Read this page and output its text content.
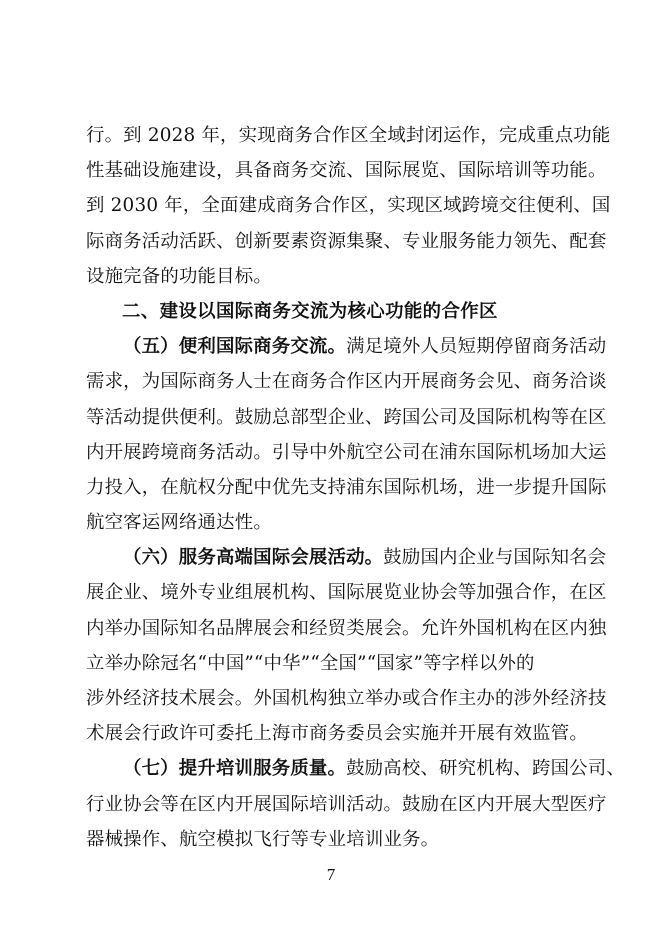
行。到 2028 年，实现商务合作区全域封闭运作，完成重点功能
性基础设施建设，具备商务交流、国际展览、国际培训等功能。
到 2030 年，全面建成商务合作区，实现区域跨境交往便利、国
际商务活动活跃、创新要素资源集聚、专业服务能力领先、配套
设施完备的功能目标。
二、建设以国际商务交流为核心功能的合作区
（五）便利国际商务交流。满足境外人员短期停留商务活动
需求，为国际商务人士在商务合作区内开展商务会见、商务洽谈
等活动提供便利。鼓励总部型企业、跨国公司及国际机构等在区
内开展跨境商务活动。引导中外航空公司在浦东国际机场加大运
力投入，在航权分配中优先支持浦东国际机场，进一步提升国际
航空客运网络通达性。
（六）服务高端国际会展活动。鼓励国内企业与国际知名会
展企业、境外专业组展机构、国际展览业协会等加强合作，在区
内举办国际知名品牌展会和经贸类展会。允许外国机构在区内独
立举办除冠名“中国”“中华”“全国”“国家”等字样以外的
涉外经济技术展会。外国机构独立举办或合作主办的涉外经济技
术展会行政许可委托上海市商务委员会实施并开展有效监管。
（七）提升培训服务质量。鼓励高校、研究机构、跨国公司、
行业协会等在区内开展国际培训活动。鼓励在区内开展大型医疗
器械操作、航空模拟飞行等专业培训业务。
7
